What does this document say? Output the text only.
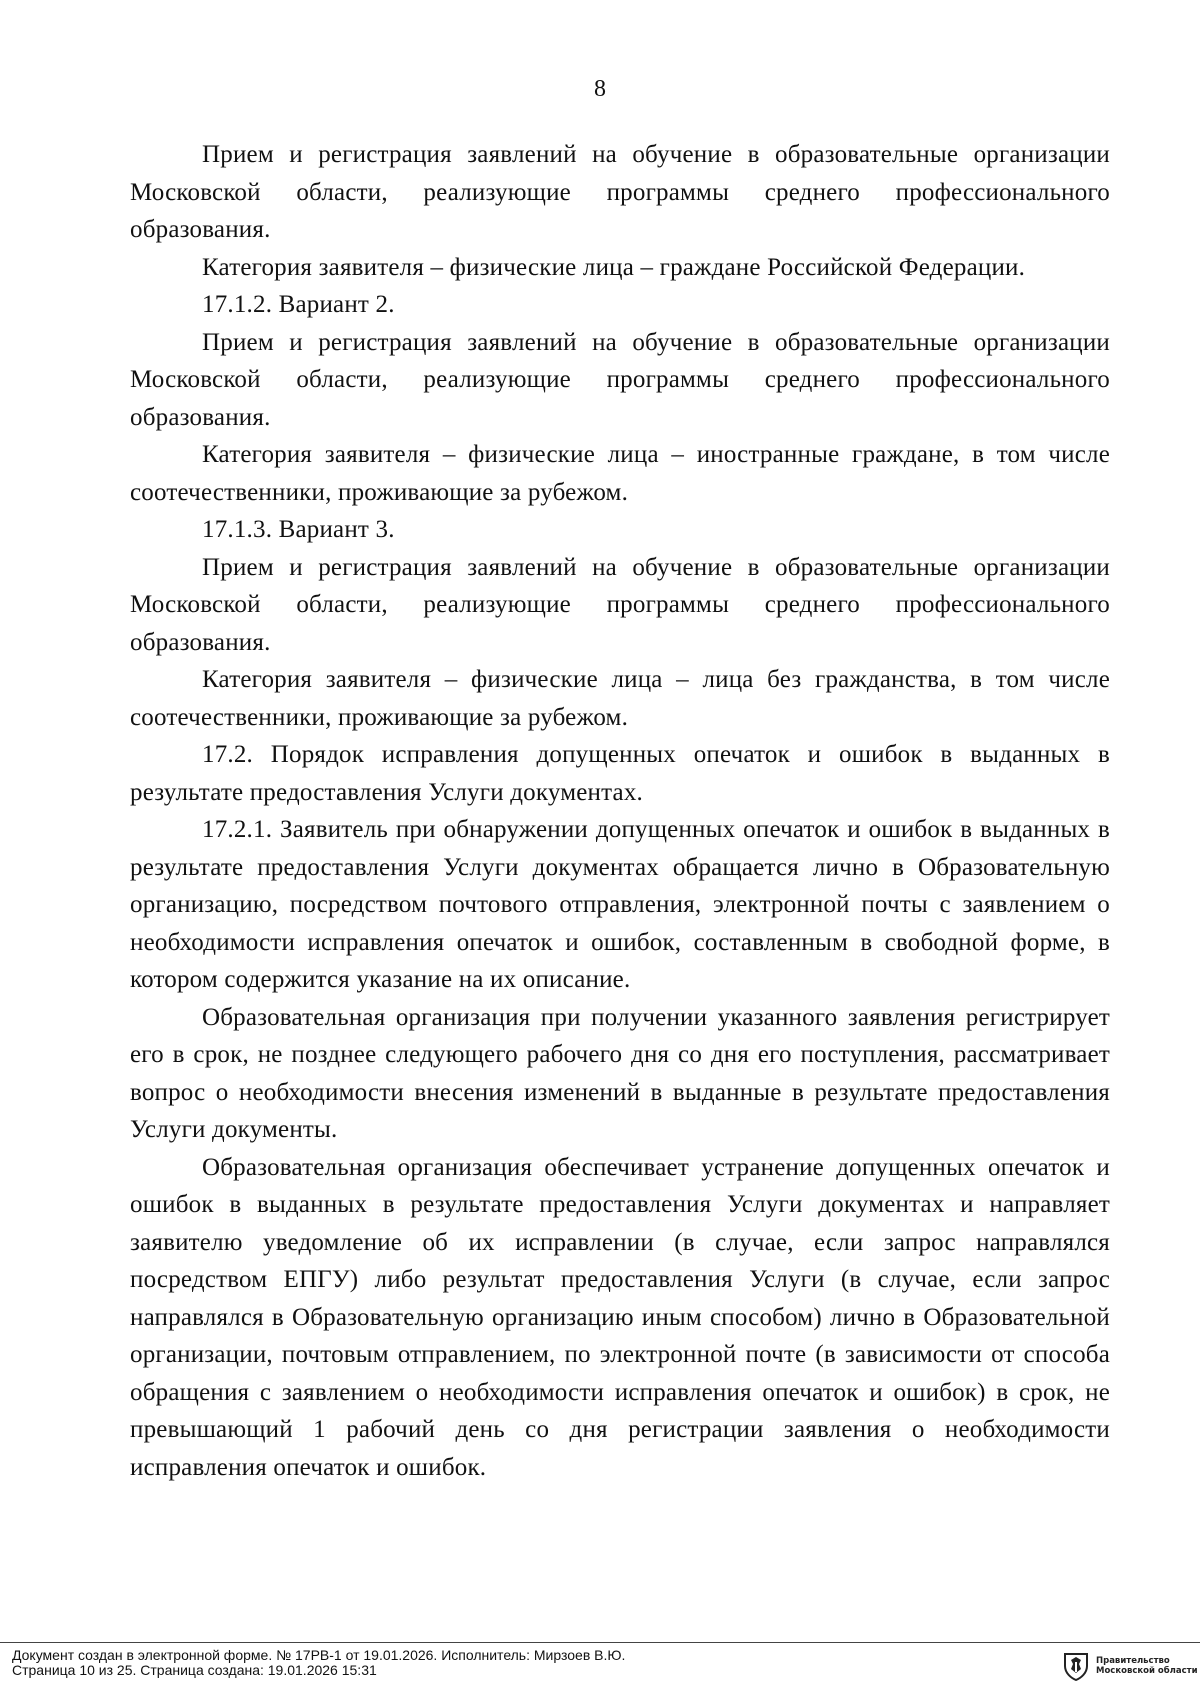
8

Прием и регистрация заявлений на обучение в образовательные организации Московской области, реализующие программы среднего профессионального образования.

Категория заявителя – физические лица – граждане Российской Федерации.

17.1.2. Вариант 2.

Прием и регистрация заявлений на обучение в образовательные организации Московской области, реализующие программы среднего профессионального образования.

Категория заявителя – физические лица – иностранные граждане, в том числе соотечественники, проживающие за рубежом.

17.1.3. Вариант 3.

Прием и регистрация заявлений на обучение в образовательные организации Московской области, реализующие программы среднего профессионального образования.

Категория заявителя – физические лица – лица без гражданства, в том числе соотечественники, проживающие за рубежом.

17.2. Порядок исправления допущенных опечаток и ошибок в выданных в результате предоставления Услуги документах.

17.2.1. Заявитель при обнаружении допущенных опечаток и ошибок в выданных в результате предоставления Услуги документах обращается лично в Образовательную организацию, посредством почтового отправления, электронной почты с заявлением о необходимости исправления опечаток и ошибок, составленным в свободной форме, в котором содержится указание на их описание.

Образовательная организация при получении указанного заявления регистрирует его в срок, не позднее следующего рабочего дня со дня его поступления, рассматривает вопрос о необходимости внесения изменений в выданные в результате предоставления Услуги документы.

Образовательная организация обеспечивает устранение допущенных опечаток и ошибок в выданных в результате предоставления Услуги документах и направляет заявителю уведомление об их исправлении (в случае, если запрос направлялся посредством ЕПГУ) либо результат предоставления Услуги (в случае, если запрос направлялся в Образовательную организацию иным способом) лично в Образовательной организации, почтовым отправлением, по электронной почте (в зависимости от способа обращения с заявлением о необходимости исправления опечаток и ошибок) в срок, не превышающий 1 рабочий день со дня регистрации заявления о необходимости исправления опечаток и ошибок.

Документ создан в электронной форме. № 17РВ-1 от 19.01.2026. Исполнитель: Мирзоев В.Ю.
Страница 10 из 25. Страница создана: 19.01.2026 15:31
Правительство
Московской области
